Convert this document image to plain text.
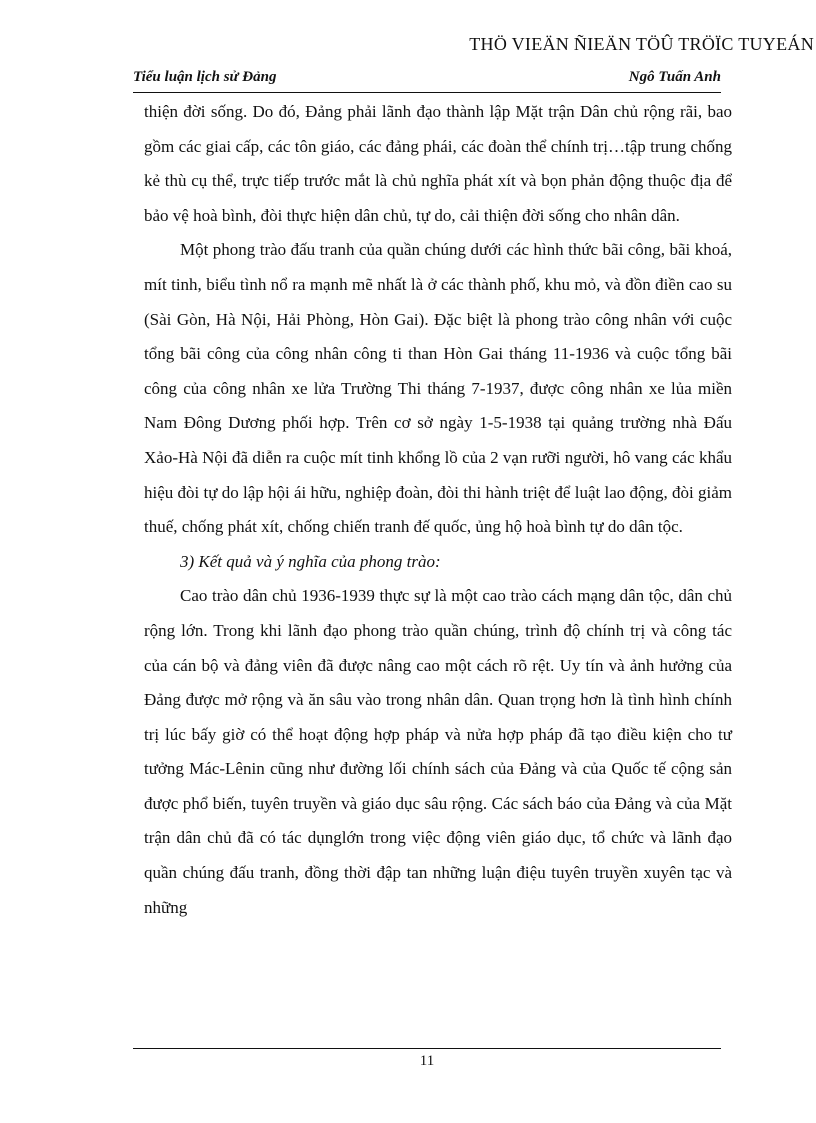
THÖ VIEÄN ÑIEÄN TÖÛ TRÖÏC TUYEÁN
Tiểu luận lịch sử Đảng	Ngô Tuấn Anh

thiện đời sống. Do đó, Đảng phải lãnh đạo thành lập Mặt trận Dân chủ rộng rãi, bao gồm các giai cấp, các tôn giáo, các đảng phái, các đoàn thể chính trị…tập trung chống kẻ thù cụ thể, trực tiếp trước mắt là chủ nghĩa phát xít và bọn phản động thuộc địa để bảo vệ hoà bình, đòi thực hiện dân chủ, tự do, cải thiện đời sống cho nhân dân.

Một phong trào đấu tranh của quần chúng dưới các hình thức bãi công, bãi khoá, mít tinh, biểu tình nổ ra mạnh mẽ nhất là ở các thành phố, khu mỏ, và đồn điền cao su (Sài Gòn, Hà Nội, Hải Phòng, Hòn Gai). Đặc biệt là phong trào công nhân với cuộc tổng bãi công của công nhân công ti than Hòn Gai tháng 11-1936 và cuộc tổng bãi công của công nhân xe lửa Trường Thi tháng 7-1937, được công nhân xe lủa miền Nam Đông Dương phối hợp. Trên cơ sở ngày 1-5-1938 tại quảng trường nhà Đấu Xảo-Hà Nội đã diễn ra cuộc mít tinh khổng lồ của 2 vạn rưỡi người, hô vang các khẩu hiệu đòi tự do lập hội ái hữu, nghiệp đoàn, đòi thi hành triệt để luật lao động, đòi giảm thuế, chống phát xít, chống chiến tranh đế quốc, ủng hộ hoà bình tự do dân tộc.

3) Kết quả và ý nghĩa của phong trào:

Cao trào dân chủ 1936-1939 thực sự là một cao trào cách mạng dân tộc, dân chủ rộng lớn. Trong khi lãnh đạo phong trào quần chúng, trình độ chính trị và công tác của cán bộ và đảng viên đã được nâng cao một cách rõ rệt. Uy tín và ảnh hưởng của Đảng được mở rộng và ăn sâu vào trong nhân dân. Quan trọng hơn là tình hình chính trị lúc bấy giờ có thể hoạt động hợp pháp và nửa hợp pháp đã tạo điều kiện cho tư tưởng Mác-Lênin cũng như đường lối chính sách của Đảng và của Quốc tế cộng sản được phổ biến, tuyên truyền và giáo dục sâu rộng. Các sách báo của Đảng và của Mặt trận dân chủ đã có tác dụnglớn trong việc động viên giáo dục, tổ chức và lãnh đạo quần chúng đấu tranh, đồng thời đập tan những luận điệu tuyên truyền xuyên tạc và những

11
